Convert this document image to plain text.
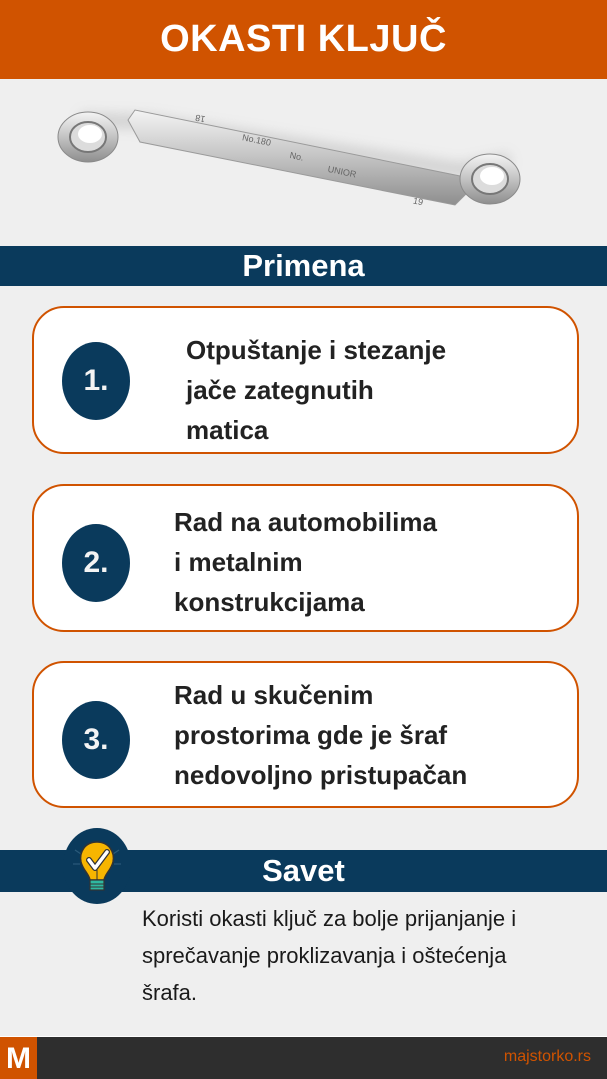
OKASTI KLJUČ
18
No.180
No.
UNIOR
19
Primena
1.
Otpuštanje i stezanje
jače zategnutih
matica
2.
Rad na automobilima
i metalnim
konstrukcijama
3.
Rad u skučenim
prostorima gde je šraf
nedovoljno pristupačan
Savet
Koristi okasti ključ za bolje prijanjanje i
sprečavanje proklizavanja i oštećenja
šrafa.
M	majstorko.rs
